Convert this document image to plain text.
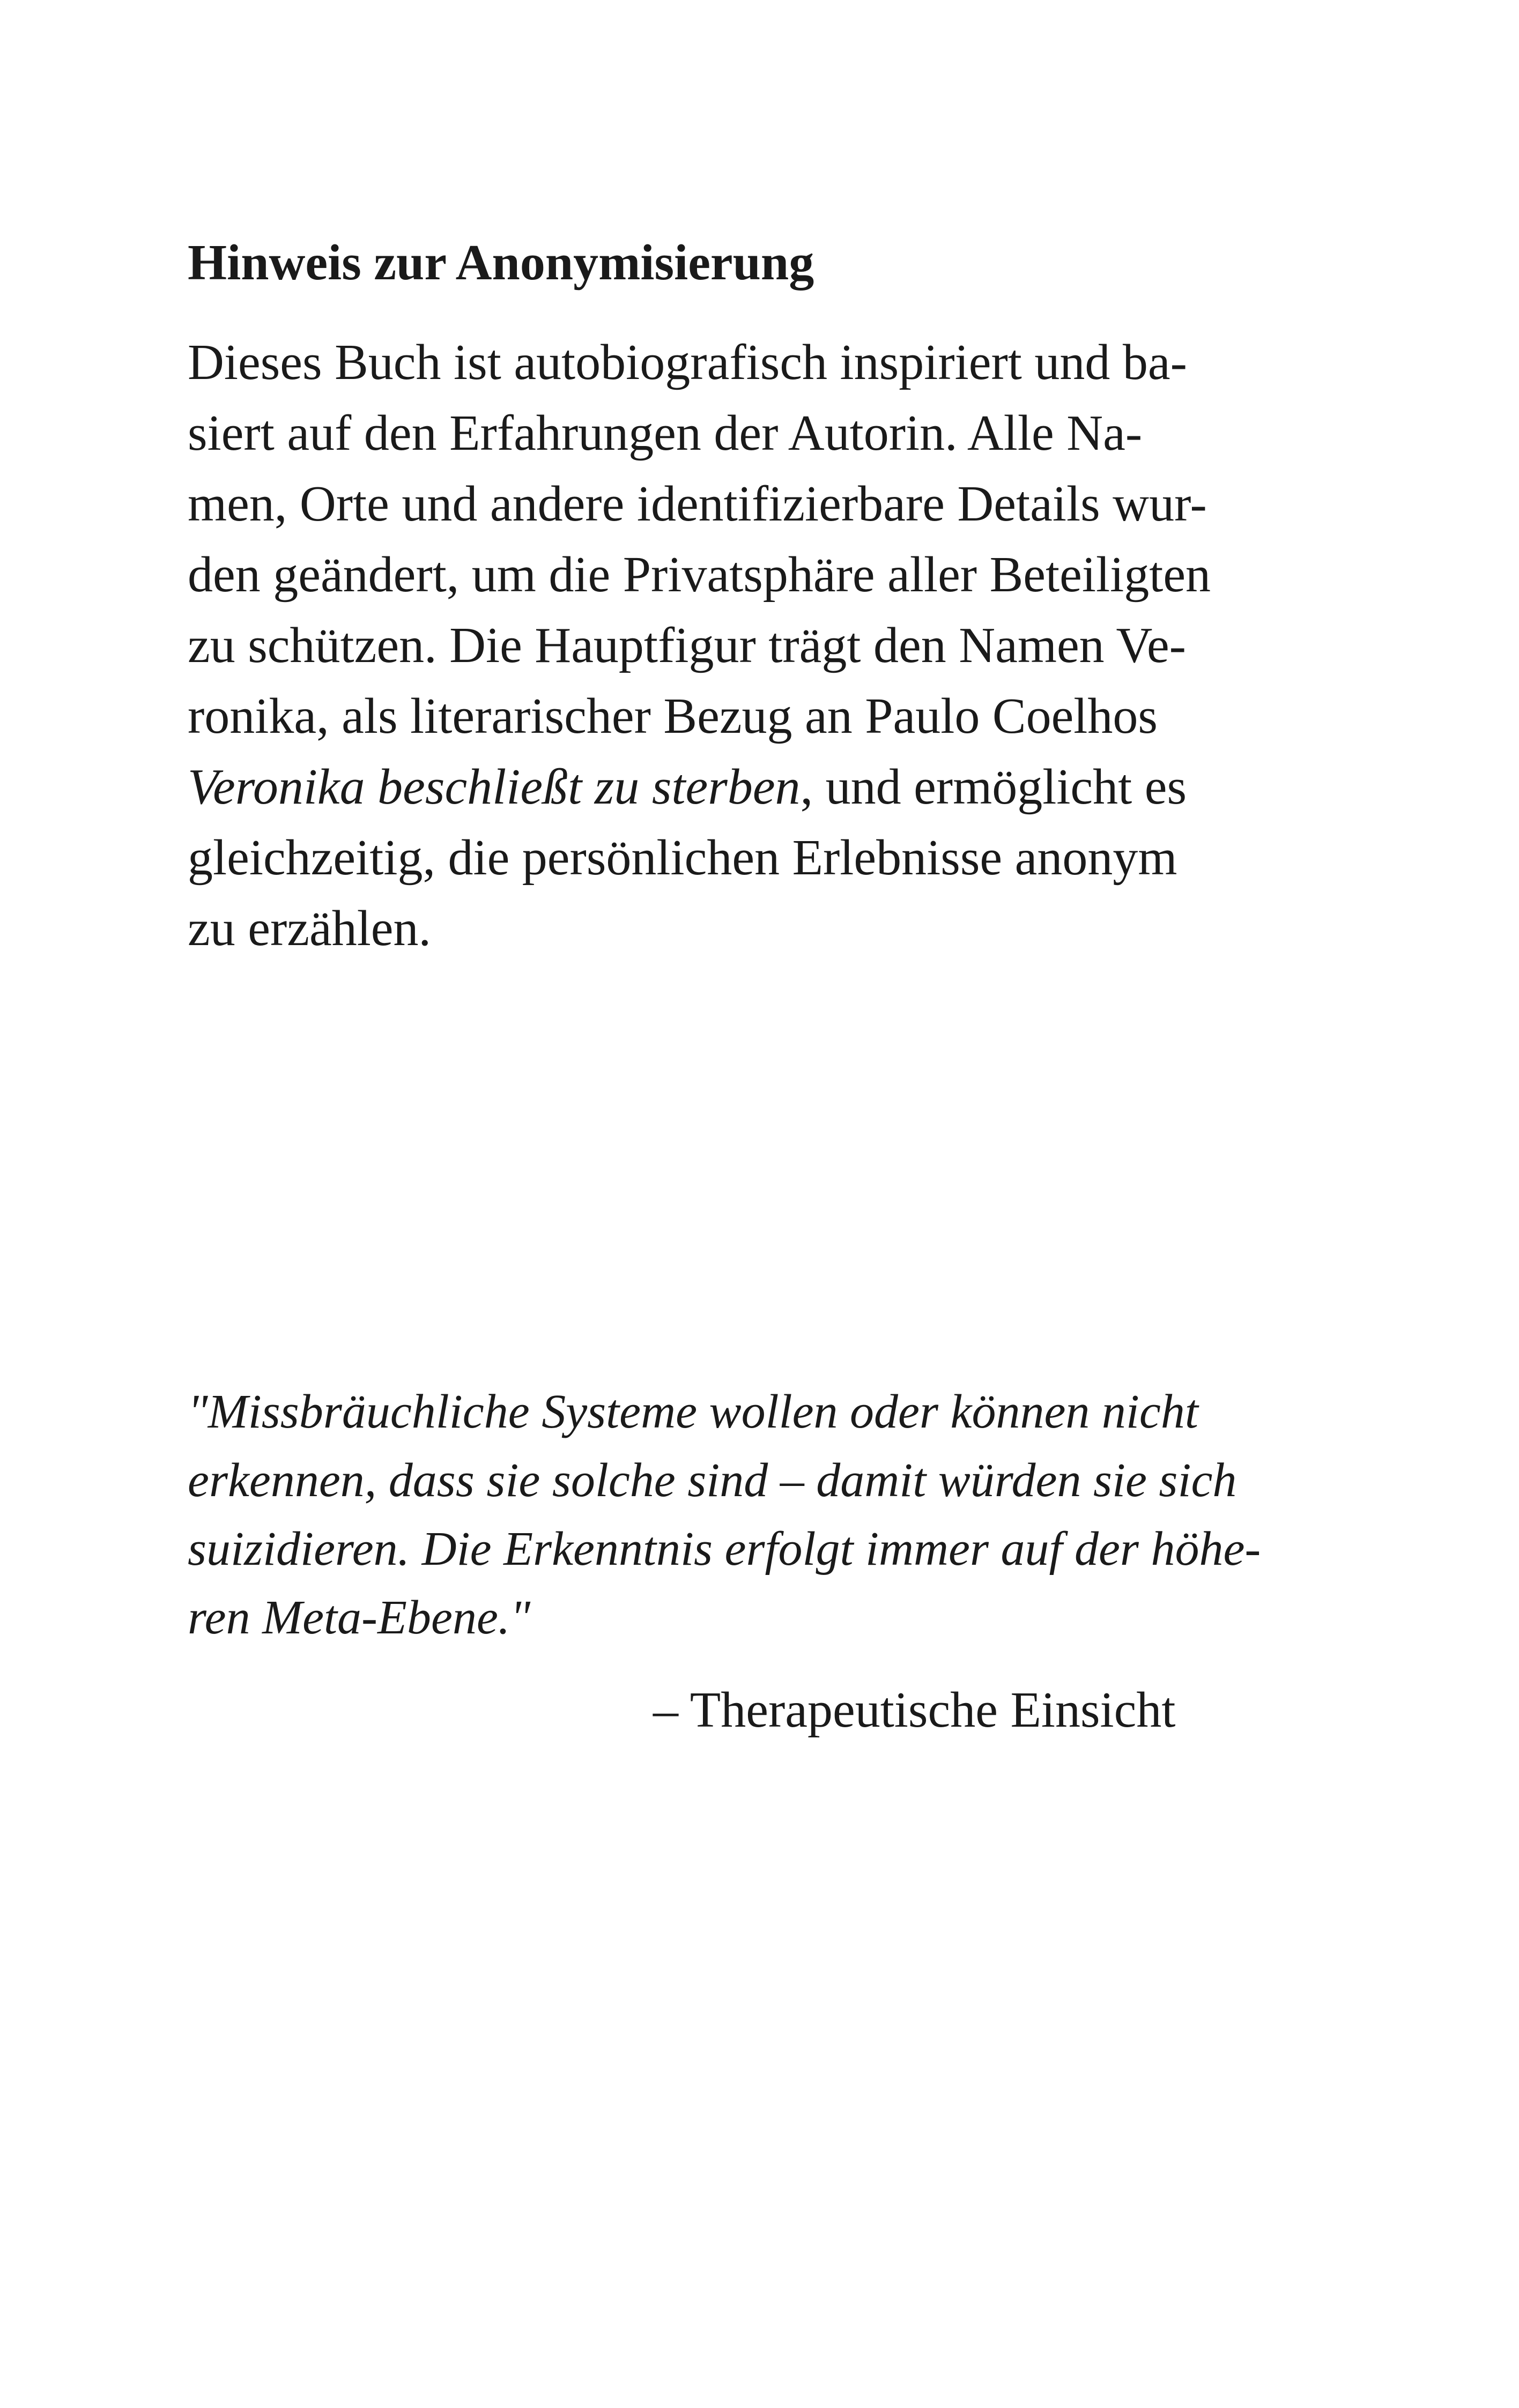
Hinweis zur Anonymisierung

Dieses Buch ist autobiografisch inspiriert und ba-
siert auf den Erfahrungen der Autorin. Alle Na-
men, Orte und andere identifizierbare Details wur-
den geändert, um die Privatsphäre aller Beteiligten
zu schützen. Die Hauptfigur trägt den Namen Ve-
ronika, als literarischer Bezug an Paulo Coelhos
Veronika beschließt zu sterben, und ermöglicht es
gleichzeitig, die persönlichen Erlebnisse anonym
zu erzählen.

"Missbräuchliche Systeme wollen oder können nicht
erkennen, dass sie solche sind – damit würden sie sich
suizidieren. Die Erkenntnis erfolgt immer auf der höhe-
ren Meta-Ebene."

– Therapeutische Einsicht
